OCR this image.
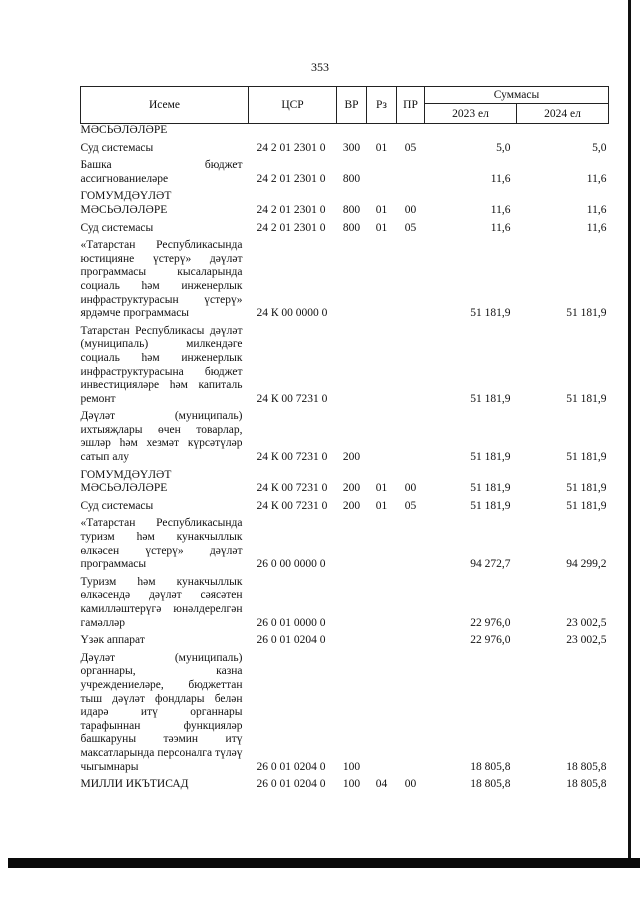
353
Исеме	ЦСР	ВР	Рз	ПР	Суммасы	
					2023 ел	2024 ел
МӘСЬӘЛӘЛӘРЕ						
Суд системасы	24 2 01 2301 0	300	01	05	5,0	5,0
Башка бюджет ассигнованиеләре	24 2 01 2301 0	800			11,6	11,6
ГОМУМДӘҮЛӘТ МӘСЬӘЛӘЛӘРЕ	24 2 01 2301 0	800	01	00	11,6	11,6
Суд системасы	24 2 01 2301 0	800	01	05	11,6	11,6
«Татарстан Республикасында юстицияне үстерү» дәүләт программасы кысаларында социаль һәм инженерлык инфраструктурасын үстерү» ярдәмче программасы	24 К 00 0000 0				51 181,9	51 181,9
Татарстан Республикасы дәүләт (муниципаль) милкендәге социаль һәм инженерлык инфраструктурасына бюджет инвестицияләре һәм капиталь ремонт	24 К 00 7231 0				51 181,9	51 181,9
Дәүләт (муниципаль) ихтыяҗлары өчен товарлар, эшләр һәм хезмәт күрсәтүләр сатып алу	24 К 00 7231 0	200			51 181,9	51 181,9
ГОМУМДӘҮЛӘТ МӘСЬӘЛӘЛӘРЕ	24 К 00 7231 0	200	01	00	51 181,9	51 181,9
Суд системасы	24 К 00 7231 0	200	01	05	51 181,9	51 181,9
«Татарстан Республикасында туризм һәм кунакчыллык өлкәсен үстерү» дәүләт программасы	26 0 00 0000 0				94 272,7	94 299,2
Туризм һәм кунакчыллык өлкәсендә дәүләт сәясәтен камилләштерүгә юнәлдерелгән гамәлләр	26 0 01 0000 0				22 976,0	23 002,5
Үзәк аппарат	26 0 01 0204 0				22 976,0	23 002,5
Дәүләт (муниципаль) органнары, казна учреждениеләре, бюджеттан тыш дәүләт фондлары белән идарә итү органнары тарафыннан функцияләр башкаруны тәэмин итү максатларында персоналга түләү чыгымнары	26 0 01 0204 0	100			18 805,8	18 805,8
МИЛЛИ ИКЪТИСАД	26 0 01 0204 0	100	04	00	18 805,8	18 805,8
